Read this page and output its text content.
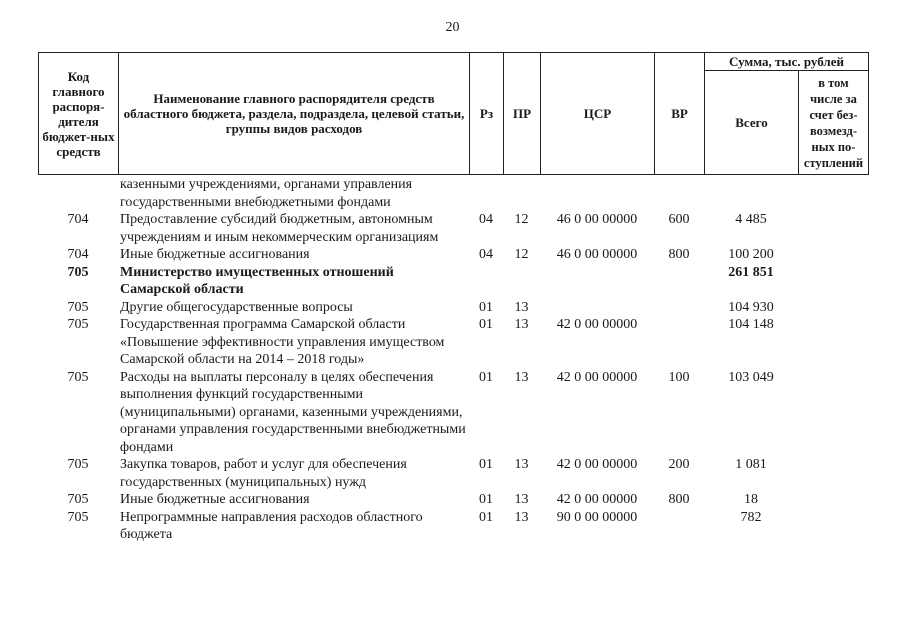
20
Код главного распоря-дителя бюджет-ных средств	Наименование главного распорядителя средств областного бюджета, раздела, подраздела, целевой статьи, группы видов расходов	Рз	ПР	ЦСР	ВР	Сумма, тыс. рублей	
						Всего	в том числе за счет без-возмезд-ных по-ступлений
	казенными учреждениями, органами управления государственными внебюджетными фондами						
704	Предоставление субсидий бюджетным, автономным учреждениям и иным некоммерческим организациям	04	12	46 0 00 00000	600	4 485	
704	Иные бюджетные ассигнования	04	12	46 0 00 00000	800	100 200	
705	Министерство имущественных отношений Самарской области					261 851	
705	Другие общегосударственные вопросы	01	13			104 930	
705	Государственная программа Самарской области «Повышение эффективности управления имуществом Самарской области на 2014 – 2018 годы»	01	13	42 0 00 00000		104 148	
705	Расходы на выплаты персоналу в целях обеспечения выполнения функций государственными (муниципальными) органами, казенными учреждениями, органами управления государственными внебюджетными фондами	01	13	42 0 00 00000	100	103 049	
705	Закупка товаров, работ и услуг для обеспечения государственных (муниципальных) нужд	01	13	42 0 00 00000	200	1 081	
705	Иные бюджетные ассигнования	01	13	42 0 00 00000	800	18	
705	Непрограммные направления расходов областного бюджета	01	13	90 0 00 00000		782	
